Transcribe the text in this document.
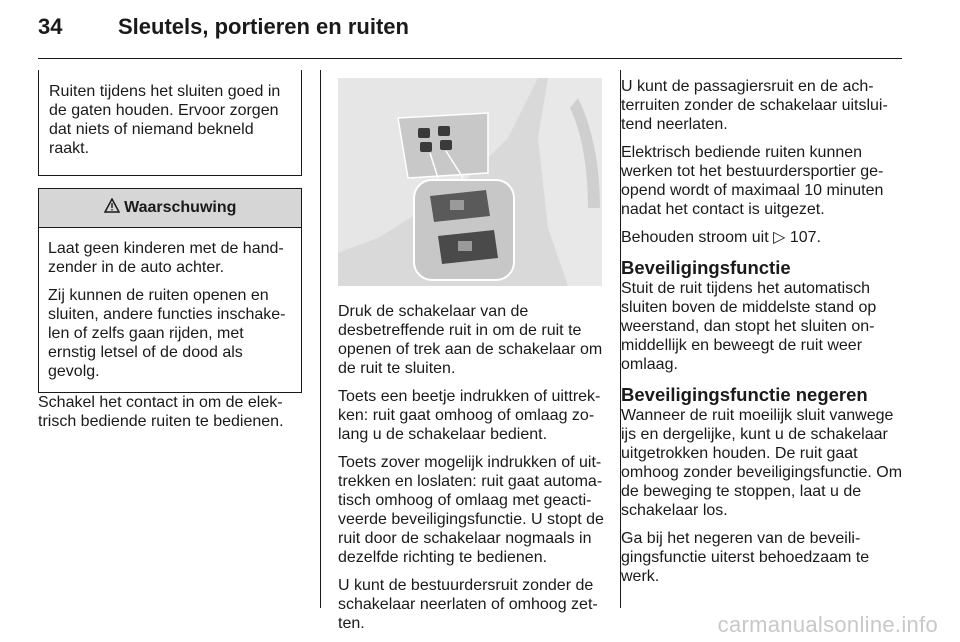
34	Sleutels, portieren en ruiten

Ruiten tijdens het sluiten goed in de gaten houden. Ervoor zorgen dat niets of niemand bekneld raakt.

Waarschuwing

Laat geen kinderen met de handzender in de auto achter.

Zij kunnen de ruiten openen en sluiten, andere functies inschakelen of zelfs gaan rijden, met ernstig letsel of de dood als gevolg.

Schakel het contact in om de elektrisch bediende ruiten te bedienen.

Druk de schakelaar van de desbetreffende ruit in om de ruit te openen of trek aan de schakelaar om de ruit te sluiten.

Toets een beetje indrukken of uittrekken: ruit gaat omhoog of omlaag zolang u de schakelaar bedient.

Toets zover mogelijk indrukken of uittrekken en loslaten: ruit gaat automatisch omhoog of omlaag met geactiveerde beveiligingsfunctie. U stopt de ruit door de schakelaar nogmaals in dezelfde richting te bedienen.

U kunt de bestuurdersruit zonder de schakelaar neerlaten of omhoog zetten.

U kunt de passagiersruit en de achterruiten zonder de schakelaar uitsluitend neerlaten.

Elektrisch bediende ruiten kunnen werken tot het bestuurdersportier geopend wordt of maximaal 10 minuten nadat het contact is uitgezet.

Behouden stroom uit ▷ 107.

Beveiligingsfunctie

Stuit de ruit tijdens het automatisch sluiten boven de middelste stand op weerstand, dan stopt het sluiten onmiddellijk en beweegt de ruit weer omlaag.

Beveiligingsfunctie negeren

Wanneer de ruit moeilijk sluit vanwege ijs en dergelijke, kunt u de schakelaar uitgetrokken houden. De ruit gaat omhoog zonder beveiligingsfunctie. Om de beweging te stoppen, laat u de schakelaar los.

Ga bij het negeren van de beveiligingsfunctie uiterst behoedzaam te werk.

carmanualsonline.info
